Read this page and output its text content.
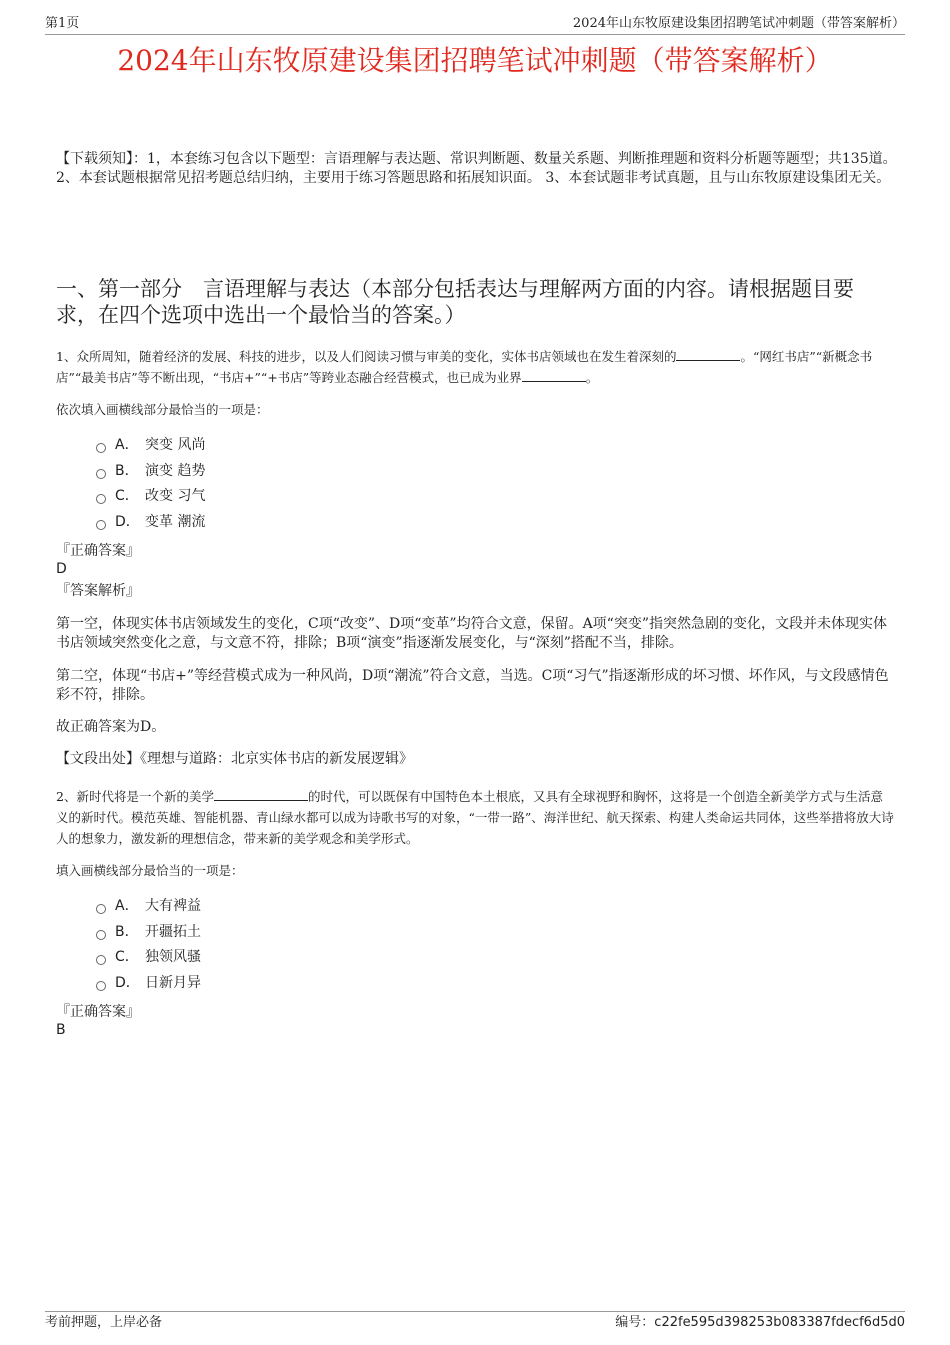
第1页	2024年山东牧原建设集团招聘笔试冲刺题（带答案解析）
2024年山东牧原建设集团招聘笔试冲刺题（带答案解析）
【下载须知】：1，本套练习包含以下题型：言语理解与表达题、常识判断题、数量关系题、判断推理题和资料分析题等题型；共135道。 2、本套试题根据常见招考题总结归纳，主要用于练习答题思路和拓展知识面。 3、本套试题非考试真题，且与山东牧原建设集团无关。
一、第一部分　言语理解与表达（本部分包括表达与理解两方面的内容。请根据题目要求，在四个选项中选出一个最恰当的答案。）
1、众所周知，随着经济的发展、科技的进步，以及人们阅读习惯与审美的变化，实体书店领域也在发生着深刻的	。“网红书店”“新概念书店”“最美书店”等不断出现，“书店+”“+书店”等跨业态融合经营模式，也已成为业界	。
依次填入画横线部分最恰当的一项是：
A． 突变 风尚
B． 演变 趋势
C． 改变 习气
D． 变革 潮流
『正确答案』
D
『答案解析』
第一空，体现实体书店领域发生的变化，C项“改变”、D项“变革”均符合文意，保留。A项“突变”指突然急剧的变化，文段并未体现实体书店领域突然变化之意，与文意不符，排除；B项“演变”指逐渐发展变化，与“深刻”搭配不当，排除。
第二空，体现“书店+”等经营模式成为一种风尚，D项“潮流”符合文意，当选。C项“习气”指逐渐形成的坏习惯、坏作风，与文段感情色彩不符，排除。
故正确答案为D。
【文段出处】《理想与道路：北京实体书店的新发展逻辑》
2、新时代将是一个新的美学	的时代，可以既保有中国特色本土根底，又具有全球视野和胸怀，这将是一个创造全新美学方式与生活意义的新时代。模范英雄、智能机器、青山绿水都可以成为诗歌书写的对象，“一带一路”、海洋世纪、航天探索、构建人类命运共同体，这些举措将放大诗人的想象力，激发新的理想信念，带来新的美学观念和美学形式。
填入画横线部分最恰当的一项是：
A． 大有裨益
B． 开疆拓土
C． 独领风骚
D． 日新月异
『正确答案』
B
考前押题，上岸必备	编号：c22fe595d398253b083387fdecf6d5d0
